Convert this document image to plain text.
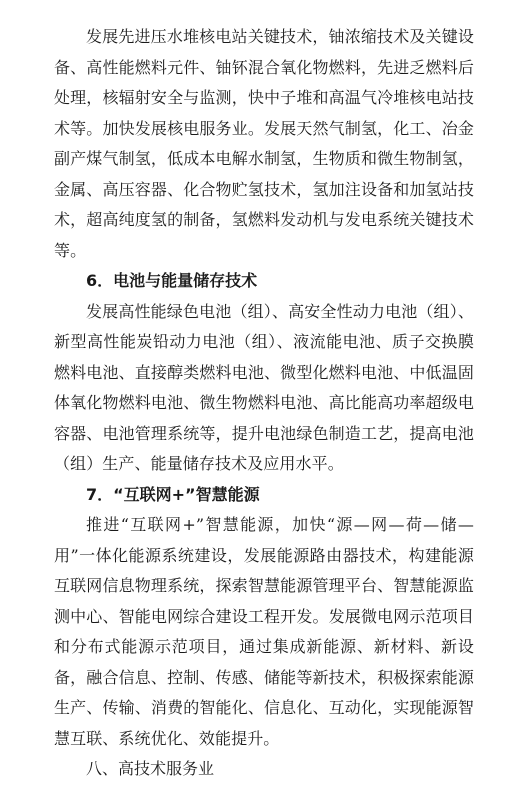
发展先进压水堆核电站关键技术，铀浓缩技术及关键设备、高性能燃料元件、铀钚混合氧化物燃料，先进乏燃料后处理，核辐射安全与监测，快中子堆和高温气冷堆核电站技术等。加快发展核电服务业。发展天然气制氢，化工、冶金副产煤气制氢，低成本电解水制氢，生物质和微生物制氢，金属、高压容器、化合物贮氢技术，氢加注设备和加氢站技术，超高纯度氢的制备，氢燃料发动机与发电系统关键技术等。

6．电池与能量储存技术

发展高性能绿色电池（组）、高安全性动力电池（组）、新型高性能炭铅动力电池（组）、液流能电池、质子交换膜燃料电池、直接醇类燃料电池、微型化燃料电池、中低温固体氧化物燃料电池、微生物燃料电池、高比能高功率超级电容器、电池管理系统等，提升电池绿色制造工艺，提高电池（组）生产、能量储存技术及应用水平。

7．“互联网+”智慧能源

推进“互联网+”智慧能源，加快“源—网—荷—储—用”一体化能源系统建设，发展能源路由器技术，构建能源互联网信息物理系统，探索智慧能源管理平台、智慧能源监测中心、智能电网综合建设工程开发。发展微电网示范项目和分布式能源示范项目，通过集成新能源、新材料、新设备，融合信息、控制、传感、储能等新技术，积极探索能源生产、传输、消费的智能化、信息化、互动化，实现能源智慧互联、系统优化、效能提升。

八、高技术服务业
